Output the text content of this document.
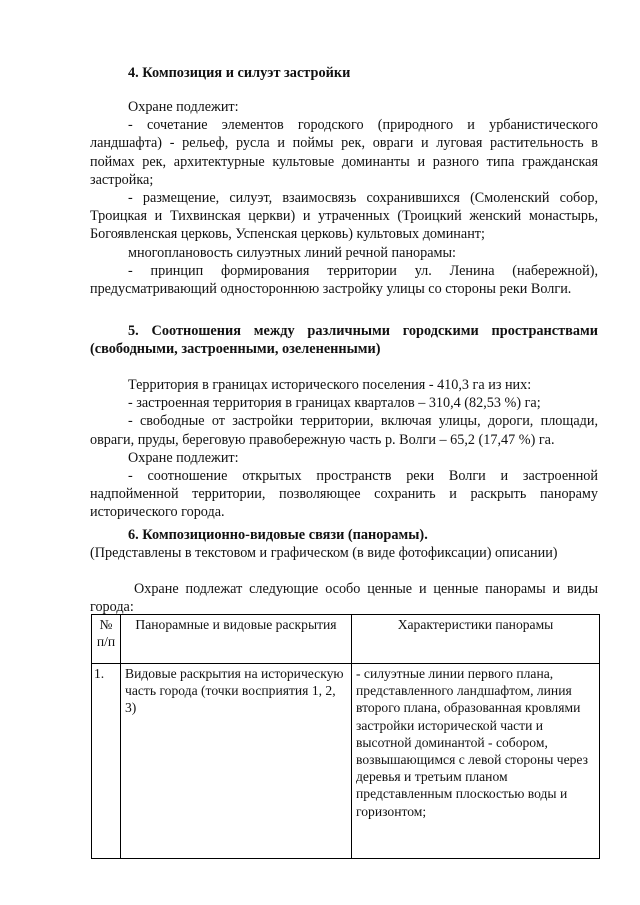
4. Композиция и силуэт застройки

Охране подлежит:

- сочетание элементов городского (природного и урбанистического ландшафта) - рельеф, русла и поймы рек, овраги и луговая растительность в поймах рек, архитектурные культовые доминанты и разного типа гражданская застройка;

- размещение, силуэт, взаимосвязь сохранившихся (Смоленский собор, Троицкая и Тихвинская церкви) и утраченных (Троицкий женский монастырь, Богоявленская церковь, Успенская церковь) культовых доминант;

многоплановость силуэтных линий речной панорамы:

- принцип формирования территории ул. Ленина (набережной), предусматривающий одностороннюю застройку улицы со стороны реки Волги.

5. Соотношения между различными городскими пространствами (свободными, застроенными, озелененными)

Территория в границах исторического поселения - 410,3 га из них:

- застроенная территория в границах кварталов – 310,4 (82,53 %) га;

- свободные от застройки территории, включая улицы, дороги, площади, овраги, пруды, береговую правобережную часть р. Волги – 65,2 (17,47 %) га.

Охране подлежит:

- соотношение открытых пространств реки Волги и застроенной надпойменной территории, позволяющее сохранить и раскрыть панораму исторического города.

6. Композиционно-видовые связи (панорамы).

(Представлены в текстовом и графическом (в виде фотофиксации) описании)

Охране подлежат следующие особо ценные и ценные панорамы и виды города:

№ п/п	Панорамные и видовые раскрытия	Характеристики панорамы
1.	Видовые раскрытия на историческую часть города (точки восприятия 1, 2, 3)	- силуэтные линии первого плана, представленного ландшафтом, линия второго плана, образованная кровлями застройки исторической части и высотной доминантой - собором, возвышающимся с левой стороны через деревья и третьим планом представленным плоскостью воды и горизонтом;
